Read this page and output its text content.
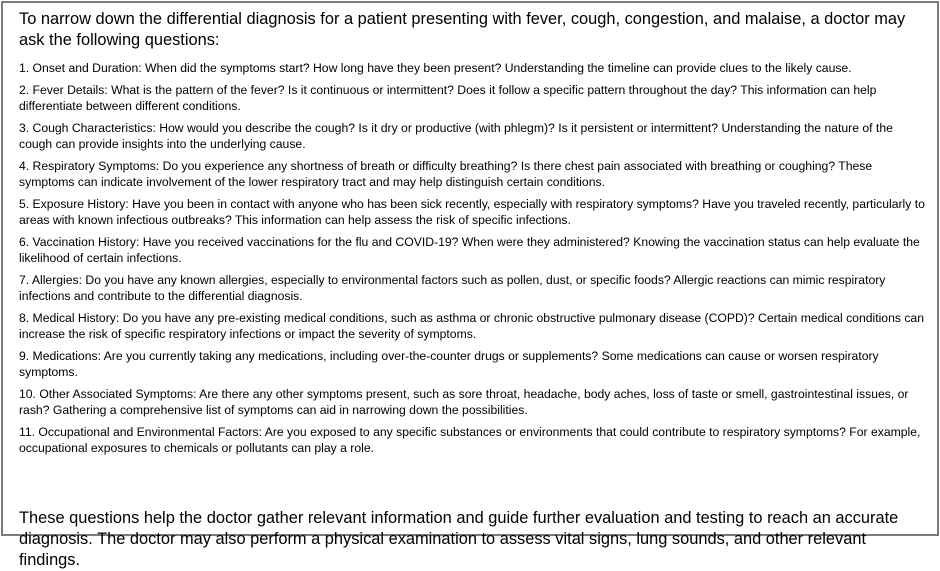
To narrow down the differential diagnosis for a patient presenting with fever, cough, congestion, and malaise, a doctor may ask the following questions:

1. Onset and Duration: When did the symptoms start? How long have they been present? Understanding the timeline can provide clues to the likely cause.
2. Fever Details: What is the pattern of the fever? Is it continuous or intermittent? Does it follow a specific pattern throughout the day? This information can help differentiate between different conditions.
3. Cough Characteristics: How would you describe the cough? Is it dry or productive (with phlegm)? Is it persistent or intermittent? Understanding the nature of the cough can provide insights into the underlying cause.
4. Respiratory Symptoms: Do you experience any shortness of breath or difficulty breathing? Is there chest pain associated with breathing or coughing? These symptoms can indicate involvement of the lower respiratory tract and may help distinguish certain conditions.
5. Exposure History: Have you been in contact with anyone who has been sick recently, especially with respiratory symptoms? Have you traveled recently, particularly to areas with known infectious outbreaks? This information can help assess the risk of specific infections.
6. Vaccination History: Have you received vaccinations for the flu and COVID-19? When were they administered? Knowing the vaccination status can help evaluate the likelihood of certain infections.
7. Allergies: Do you have any known allergies, especially to environmental factors such as pollen, dust, or specific foods? Allergic reactions can mimic respiratory infections and contribute to the differential diagnosis.
8. Medical History: Do you have any pre-existing medical conditions, such as asthma or chronic obstructive pulmonary disease (COPD)? Certain medical conditions can increase the risk of specific respiratory infections or impact the severity of symptoms.
9. Medications: Are you currently taking any medications, including over-the-counter drugs or supplements? Some medications can cause or worsen respiratory symptoms.
10. Other Associated Symptoms: Are there any other symptoms present, such as sore throat, headache, body aches, loss of taste or smell, gastrointestinal issues, or rash? Gathering a comprehensive list of symptoms can aid in narrowing down the possibilities.
11. Occupational and Environmental Factors: Are you exposed to any specific substances or environments that could contribute to respiratory symptoms? For example, occupational exposures to chemicals or pollutants can play a role.

These questions help the doctor gather relevant information and guide further evaluation and testing to reach an accurate diagnosis. The doctor may also perform a physical examination to assess vital signs, lung sounds, and other relevant findings.
